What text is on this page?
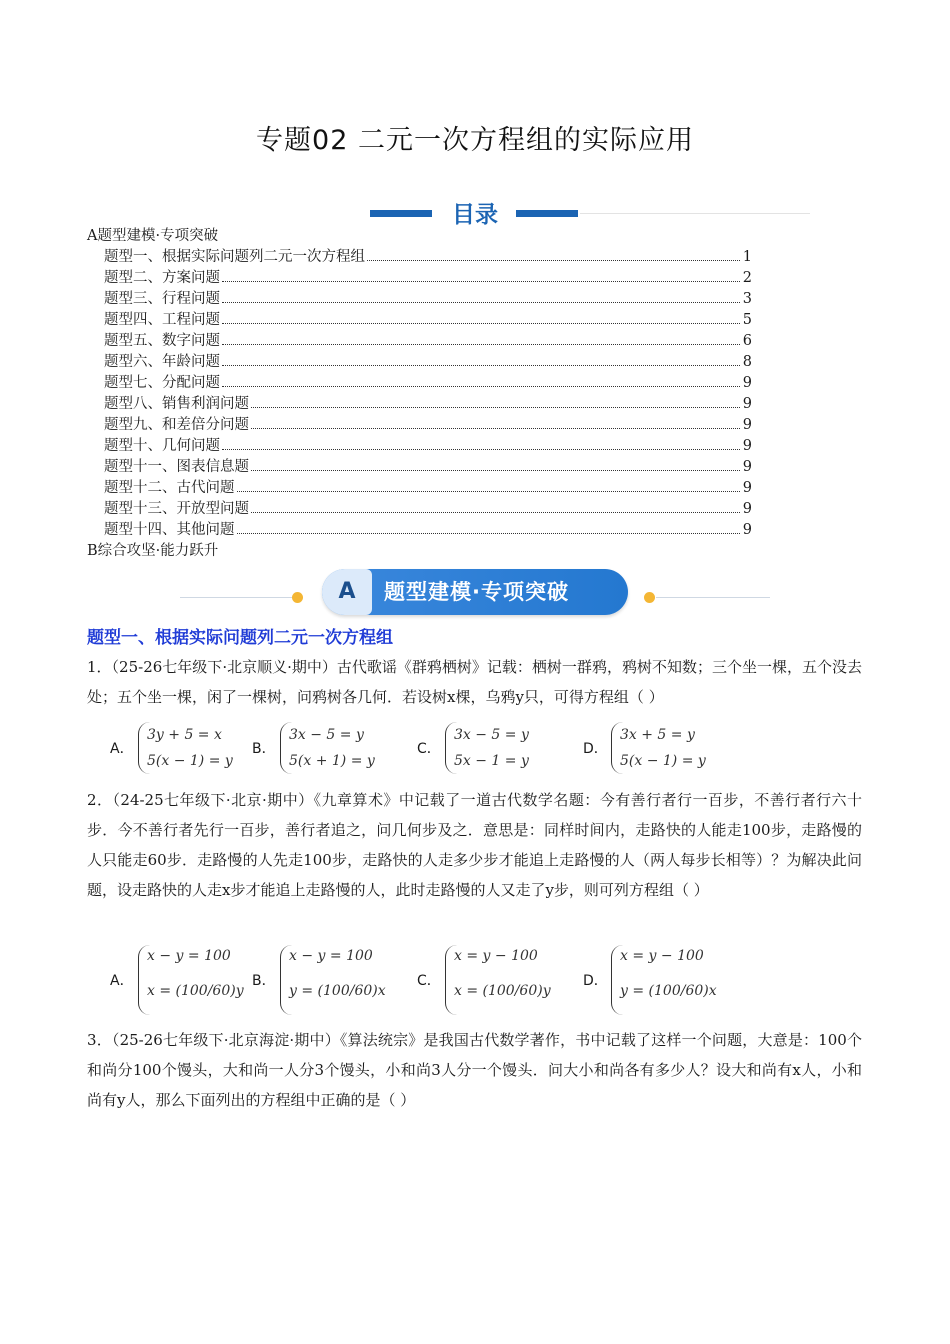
专题02 二元一次方程组的实际应用
目录
A题型建模·专项突破
题型一、根据实际问题列二元一次方程组	1
题型二、方案问题	2
题型三、行程问题	3
题型四、工程问题	5
题型五、数字问题	6
题型六、年龄问题	8
题型七、分配问题	9
题型八、销售利润问题	9
题型九、和差倍分问题	9
题型十、几何问题	9
题型十一、图表信息题	9
题型十二、古代问题	9
题型十三、开放型问题	9
题型十四、其他问题	9
B综合攻坚·能力跃升
A	题型建模·专项突破
题型一、根据实际问题列二元一次方程组
1．（25-26七年级下·北京顺义·期中）古代歌谣《群鸦栖树》记载：栖树一群鸦，鸦树不知数；三个坐一棵，五个没去处；五个坐一棵，闲了一棵树，问鸦树各几何．若设树x棵，乌鸦y只，可得方程组（ ）
A．
3y + 5 = x
5(x − 1) = y
B．
3x − 5 = y
5(x + 1) = y
C．
3x − 5 = y
5x − 1 = y
D．
3x + 5 = y
5(x − 1) = y
2．（24-25七年级下·北京·期中）《九章算术》中记载了一道古代数学名题：今有善行者行一百步，不善行者行六十步．今不善行者先行一百步，善行者追之，问几何步及之．意思是：同样时间内，走路快的人能走100步，走路慢的人只能走60步．走路慢的人先走100步，走路快的人走多少步才能追上走路慢的人（两人每步长相等）？为解决此问题，设走路快的人走x步才能追上走路慢的人，此时走路慢的人又走了y步，则可列方程组（ ）
A．
x − y = 100
x = (100/60)y
B．
x − y = 100
y = (100/60)x
C．
x = y − 100
x = (100/60)y
D．
x = y − 100
y = (100/60)x
3．（25-26七年级下·北京海淀·期中）《算法统宗》是我国古代数学著作，书中记载了这样一个问题，大意是：100个和尚分100个馒头，大和尚一人分3个馒头，小和尚3人分一个馒头．问大小和尚各有多少人？设大和尚有x人，小和尚有y人，那么下面列出的方程组中正确的是（ ）
